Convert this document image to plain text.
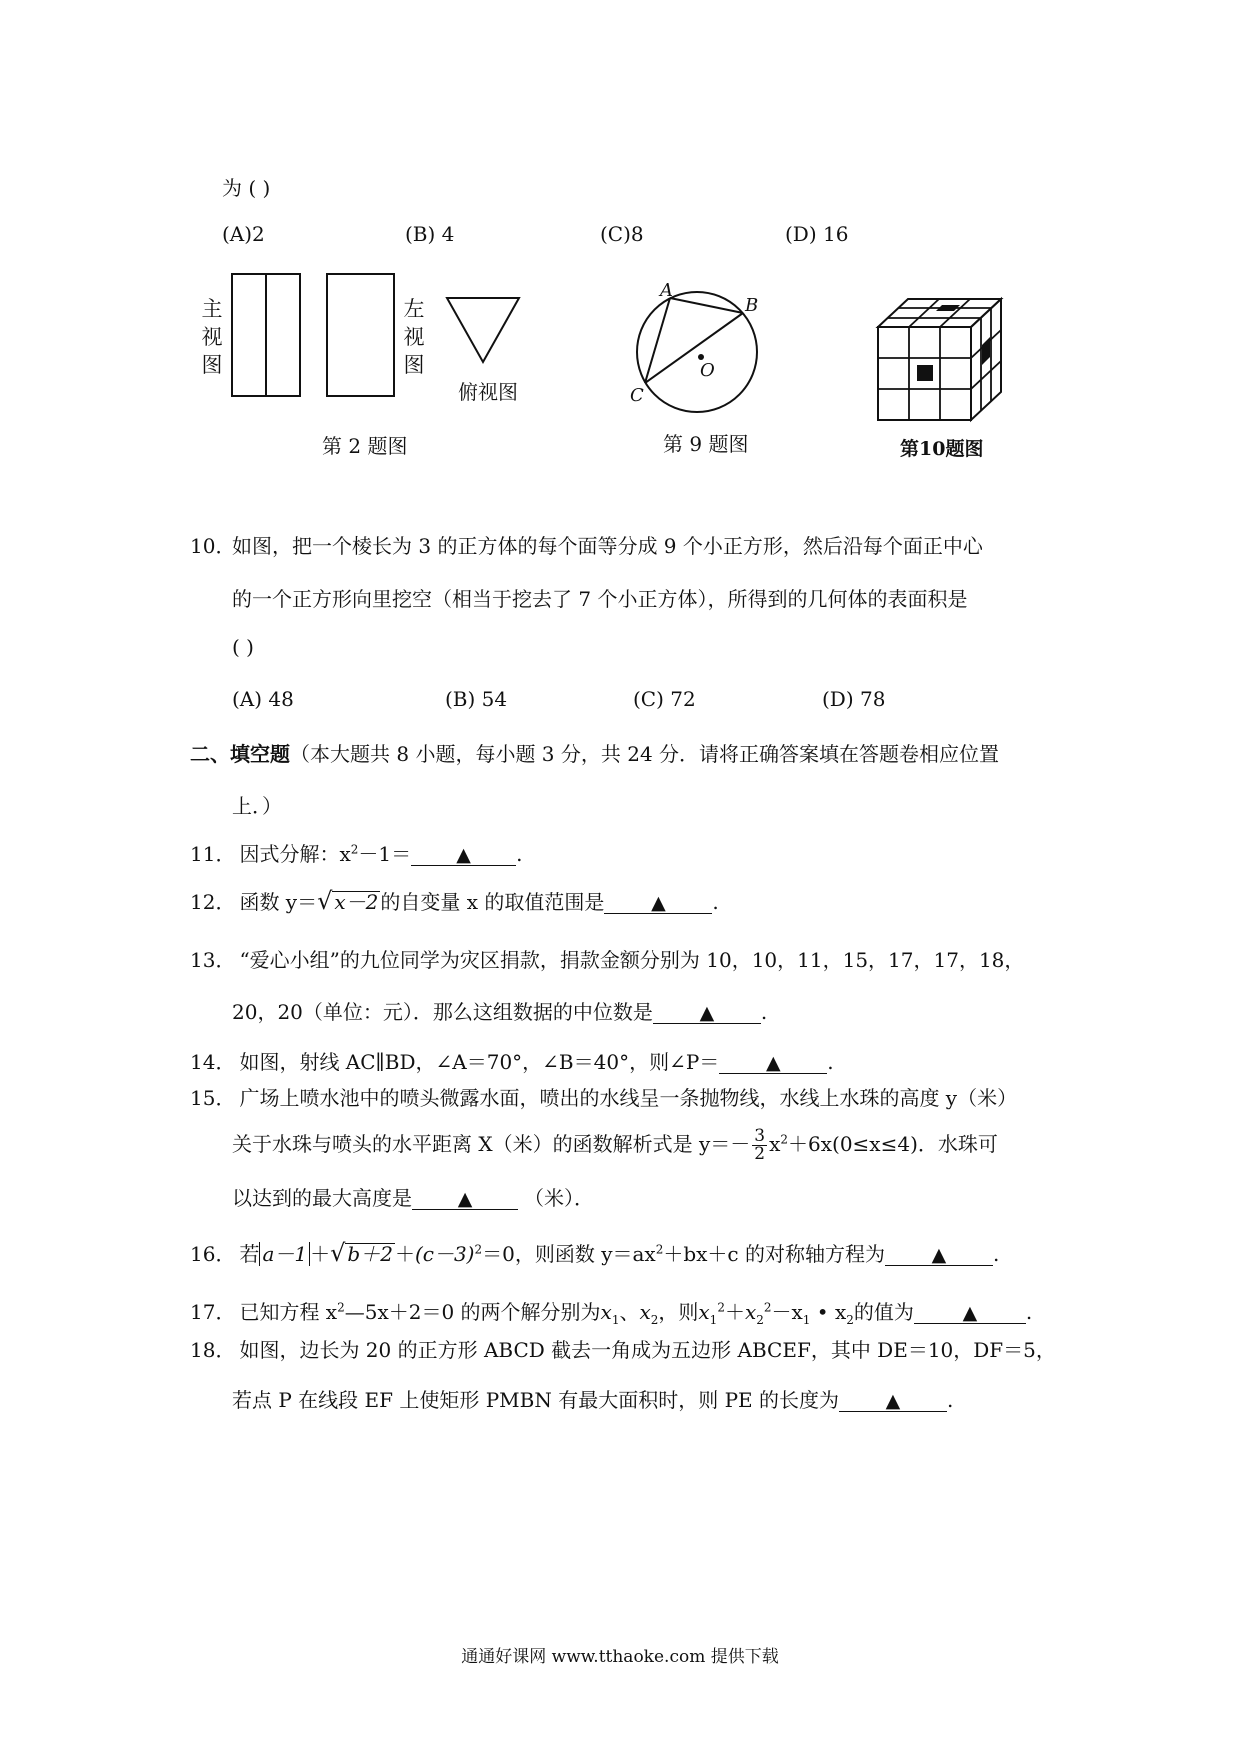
为 ( )
(A)2	(B) 4	(C)8	(D) 16
主视图
左视图
俯视图
第 2 题图
A
B
C
O
第 9 题图	第10题图
10．
如图，把一个棱长为 3 的正方体的每个面等分成 9 个小正方形，然后沿每个面正中心
的一个正方形向里挖空（相当于挖去了 7 个小正方体），所得到的几何体的表面积是
( )
(A) 48	(B) 54	(C) 72	(D) 78
二、填空题（本大题共 8 小题，每小题 3 分，共 24 分．请将正确答案填在答题卷相应位置
上．）
11． 因式分解：$x^2-1=$ ▲ .
12． 函数 y＝√ x－2 的自变量 x 的取值范围是 ▲ .
13． “爱心小组”的九位同学为灾区捐款，捐款金额分别为 10，10，11，15，17，17，18，
20，20（单位：元）．那么这组数据的中位数是 ▲ .
14． 如图，射线 AC∥BD，∠A＝70°，∠B＝40°，则∠P＝ ▲ .
15． 广场上喷水池中的喷头微露水面，喷出的水线呈一条抛物线，水线上水珠的高度 y（米）
关于水珠与喷头的水平距离 X（米）的函数解析式是 $y=- \frac{3}{2} x^2+6x(0\le x\le 4)$．水珠可
以达到的最大高度是 ▲	（米）．
16． 若 a－1 ＋√ $b+2 +(c-3)^2=0$，则函数 $y=ax^2+bx+c$ 的对称轴方程为 ▲ .
17． 已知方程 $x^2—5x+2=0$ 的两个解分别为$x_1$、$x_2$，则$x_1^2+x_2^2-x_1$ • $x_2$的值为	▲ .
18． 如图，边长为 20 的正方形 ABCD 截去一角成为五边形 ABCEF，其中 DE＝10，DF＝5，
若点 P 在线段 EF 上使矩形 PMBN 有最大面积时，则 PE 的长度为 ▲ .
通通好课网 www.tthaoke.com 提供下载
